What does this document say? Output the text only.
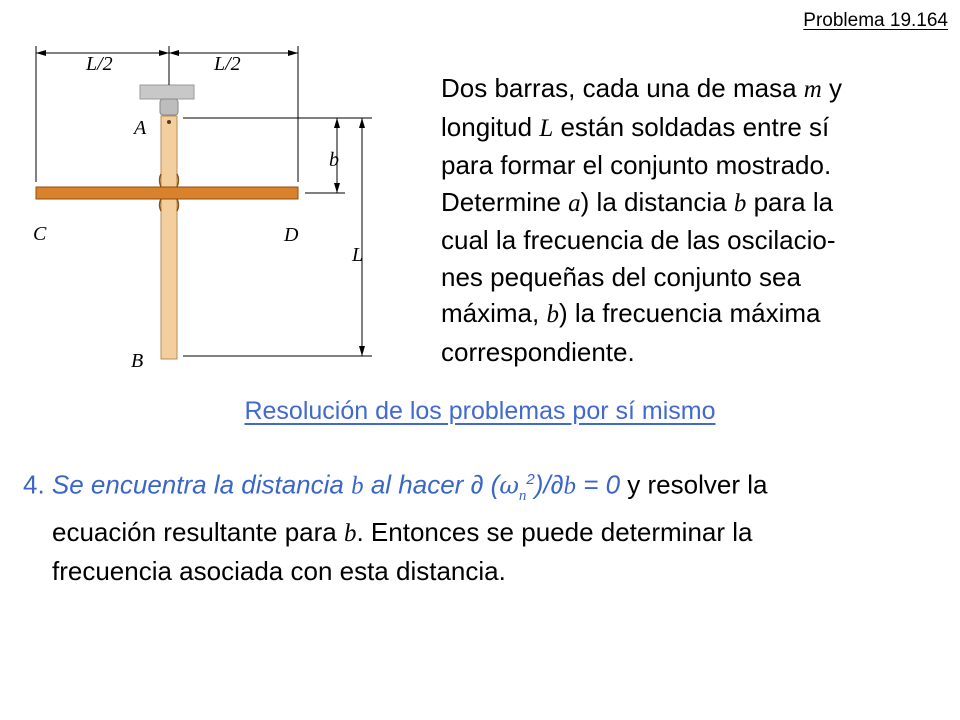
Problema 19.164
L/2	L/2
A
b
C	D
L
B
Dos barras, cada una de masa m y
longitud L están soldadas entre sí
para formar el conjunto mostrado.
Determine a) la distancia b para la
cual la frecuencia de las oscilacio-
nes pequeñas del conjunto sea
máxima, b) la frecuencia máxima
correspondiente.
Resolución de los problemas por sí mismo
4. Se encuentra la distancia b al hacer ∂ $(\omega_n^2)/\partial b = 0$ y resolver la
ecuación resultante para b. Entonces se puede determinar la
frecuencia asociada con esta distancia.
